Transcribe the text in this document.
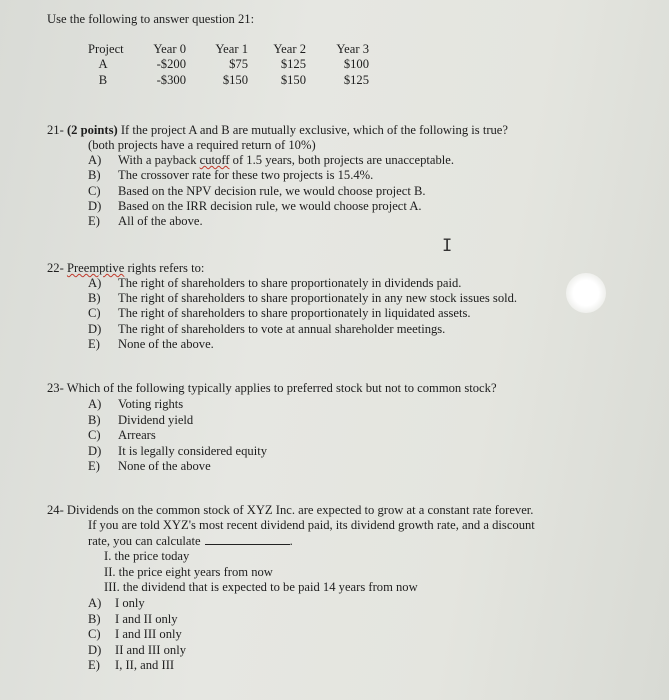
Use the following to answer question 21:
Project	Year 0	Year 1	Year 2	Year 3
A	-$200	$75	$125	$100
B	-$300	$150	$150	$125
21- (2 points) If the project A and B are mutually exclusive, which of the following is true?
(both projects have a required return of 10%)
A) With a payback cutoff of 1.5 years, both projects are unacceptable.
B) The crossover rate for these two projects is 15.4%.
C) Based on the NPV decision rule, we would choose project B.
D) Based on the IRR decision rule, we would choose project A.
E) All of the above.
I
22- Preemptive rights refers to:
A) The right of shareholders to share proportionately in dividends paid.
B) The right of shareholders to share proportionately in any new stock issues sold.
C) The right of shareholders to share proportionately in liquidated assets.
D) The right of shareholders to vote at annual shareholder meetings.
E) None of the above.
23- Which of the following typically applies to preferred stock but not to common stock?
A) Voting rights
B) Dividend yield
C) Arrears
D) It is legally considered equity
E) None of the above
24- Dividends on the common stock of XYZ Inc. are expected to grow at a constant rate forever.
If you are told XYZ's most recent dividend paid, its dividend growth rate, and a discount
rate, you can calculate	.
I. the price today
II. the price eight years from now
III. the dividend that is expected to be paid 14 years from now
A) I only
B) I and II only
C) I and III only
D) II and III only
E) I, II, and III
